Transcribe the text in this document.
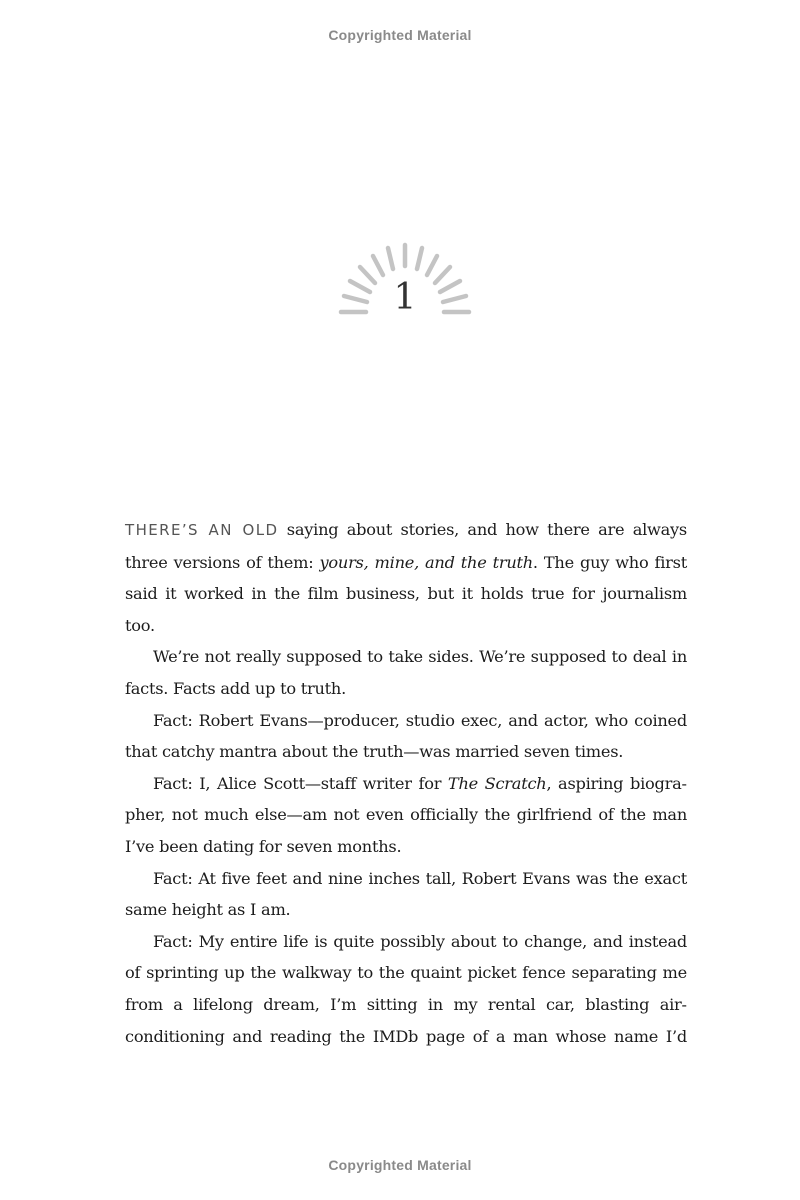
Copyrighted Material
1

THERE’S AN OLD saying about stories, and how there are always three versions of them: yours, mine, and the truth. The guy who first said it worked in the film business, but it holds true for journalism too.

We’re not really supposed to take sides. We’re supposed to deal in facts. Facts add up to truth.

Fact: Robert Evans—producer, studio exec, and actor, who coined that catchy mantra about the truth—was married seven times.

Fact: I, Alice Scott—staff writer for The Scratch, aspiring biographer, not much else—am not even officially the girlfriend of the man I’ve been dating for seven months.

Fact: At five feet and nine inches tall, Robert Evans was the exact same height as I am.

Fact: My entire life is quite possibly about to change, and instead of sprinting up the walkway to the quaint picket fence separating me from a lifelong dream, I’m sitting in my rental car, blasting airconditioning and reading the IMDb page of a man whose name I’d

Copyrighted Material
